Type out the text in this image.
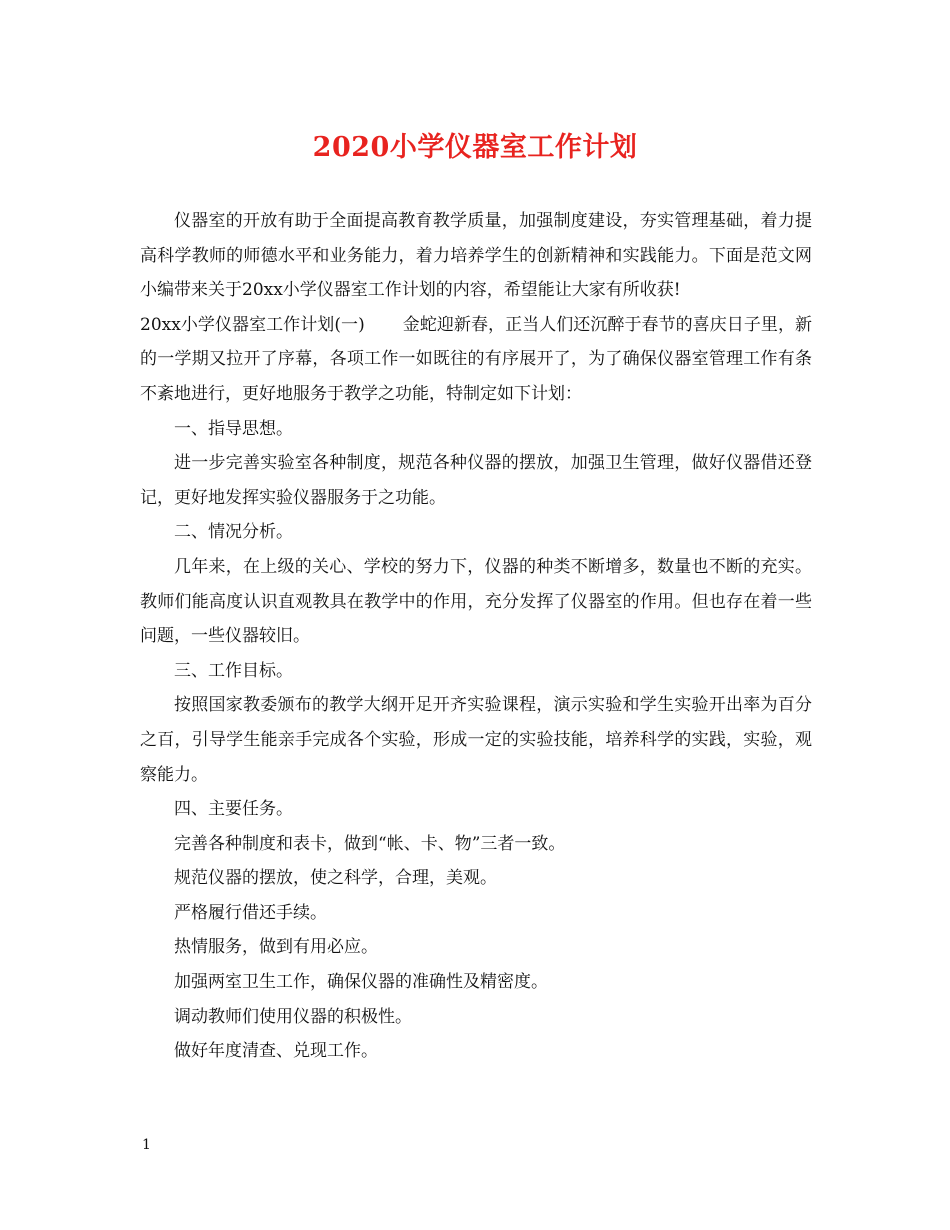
2020小学仪器室工作计划

仪器室的开放有助于全面提高教育教学质量，加强制度建设，夯实管理基础，着力提高科学教师的师德水平和业务能力，着力培养学生的创新精神和实践能力。下面是范文网小编带来关于20xx小学仪器室工作计划的内容，希望能让大家有所收获!

20xx小学仪器室工作计划(一) 金蛇迎新春，正当人们还沉醉于春节的喜庆日子里，新的一学期又拉开了序幕，各项工作一如既往的有序展开了，为了确保仪器室管理工作有条不紊地进行，更好地服务于教学之功能，特制定如下计划：

一、指导思想。

进一步完善实验室各种制度，规范各种仪器的摆放，加强卫生管理，做好仪器借还登记，更好地发挥实验仪器服务于之功能。

二、情况分析。

几年来，在上级的关心、学校的努力下，仪器的种类不断增多，数量也不断的充实。教师们能高度认识直观教具在教学中的作用，充分发挥了仪器室的作用。但也存在着一些问题，一些仪器较旧。

三、工作目标。

按照国家教委颁布的教学大纲开足开齐实验课程，演示实验和学生实验开出率为百分之百，引导学生能亲手完成各个实验，形成一定的实验技能，培养科学的实践，实验，观察能力。

四、主要任务。

完善各种制度和表卡，做到“帐、卡、物”三者一致。

规范仪器的摆放，使之科学，合理，美观。

严格履行借还手续。

热情服务，做到有用必应。

加强两室卫生工作，确保仪器的准确性及精密度。

调动教师们使用仪器的积极性。

做好年度清查、兑现工作。

1
